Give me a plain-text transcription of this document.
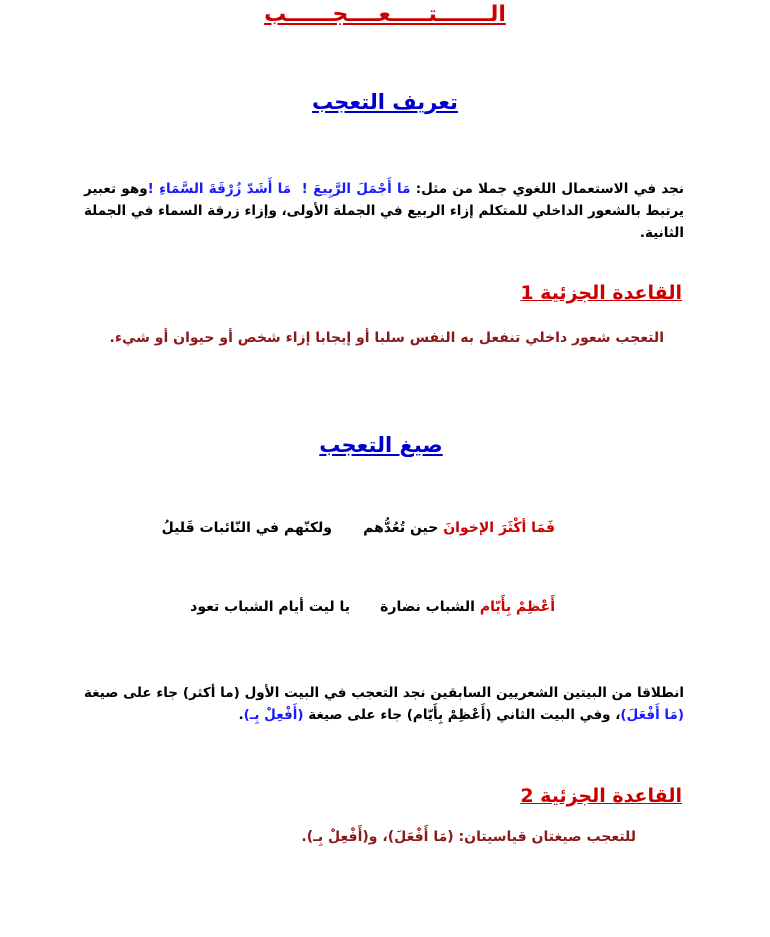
الـــــــتـــــعــــجــــــب
تعريف التعجب
نجد في الاستعمال اللغوي جملا من مثل: مَا أَجْمَلَ الرَّبِيعَ !  مَا أَشَدّ زُرْقَةَ السَّمَاءِ !وهو تعبير يرتبط بالشعور الداخلي للمتكلم إزاء الربيع في الجملة الأولى، وإزاء زرقة السماء في الجملة الثانية.
القاعدة الجزئية 1
التعجب شعور داخلي تنفعل به النفس سلبا أو إيجابا إزاء شخص أو حيوان أو شيء.
صيغ التعجب
فَمَا أكْثَرَ الإخوانَ حين تُعُدُّهم
ولكنّهم في النّائبات قَليلُ
أَعْظِمْ بِأَيّام الشباب نضارة
يا ليت أيام الشباب تعود
انطلاقا من البيتين الشعريين السابقين نجد التعجب في البيت الأول (ما أكثر) جاء على صيغة (مَا أَفْعَلَ)، وفي البيت الثاني (أَعْظِمْ بِأَيّام) جاء على صيغة (أَفْعِلْ بِـ).
القاعدة الجزئية 2
للتعجب صيغتان قياسيتان: (مَا أَفْعَلَ)، و(أَفْعِلْ بِـ).
